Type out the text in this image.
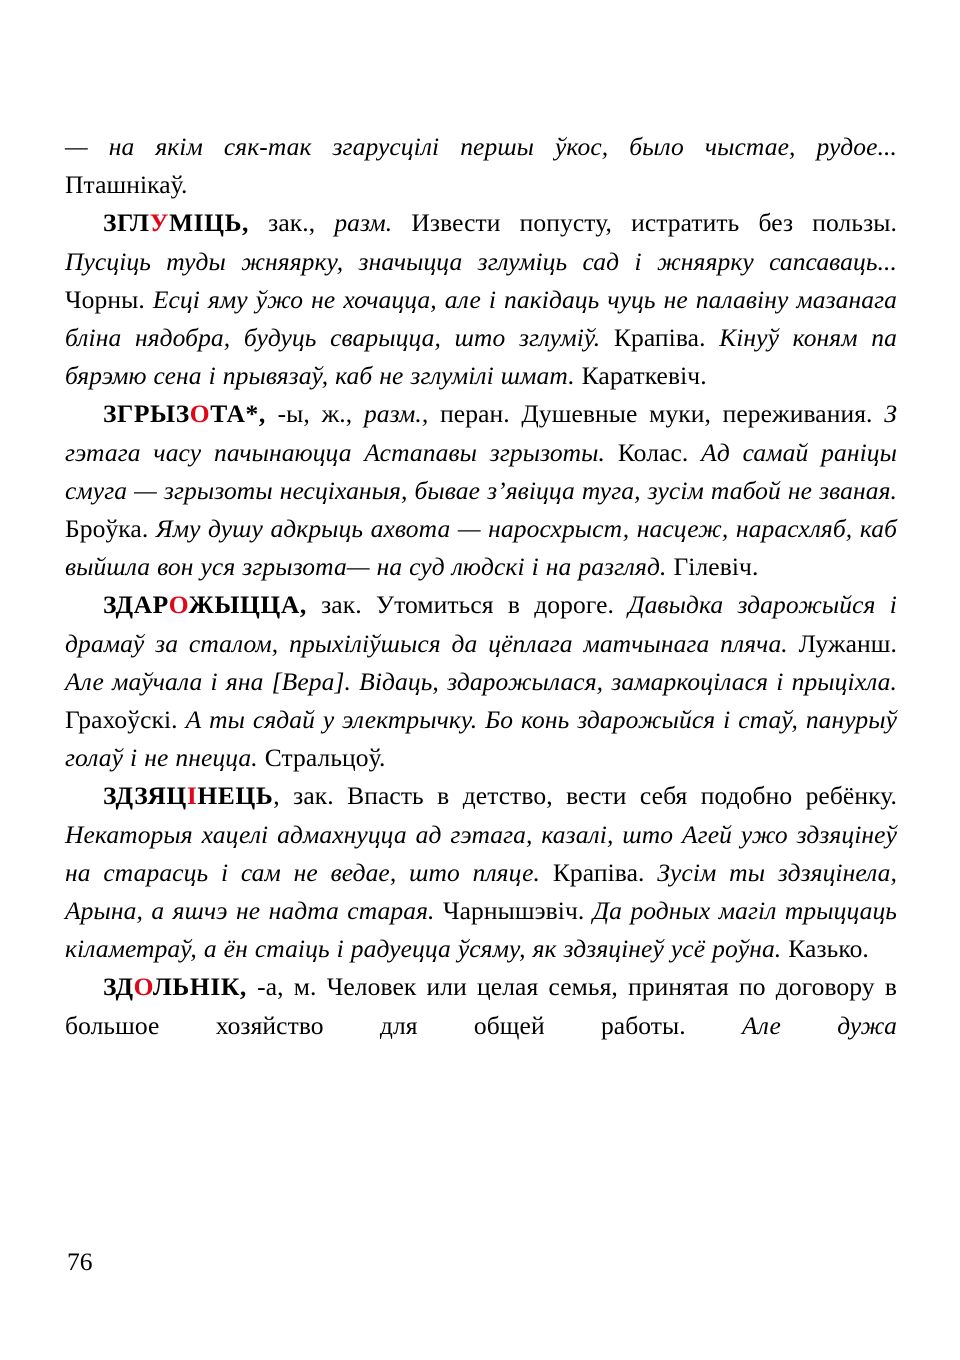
— на якім сяк-так згарусцілі першы ўкос, было чыстае, рудое... Пташнікаў.

ЗГЛУМІЦЬ, зак., разм. Извести попусту, истратить без пользы. Пусціць туды жняярку, значыцца зглуміць сад і жняярку сапсаваць... Чорны. Есці яму ўжо не хочацца, але і пакідаць чуць не палавіну мазанага бліна нядобра, будуць сварыцца, што зглуміў. Крапіва. Кінуў коням па бярэмю сена і прывязаў, каб не зглумілі шмат. Караткевіч.

ЗГРЫЗОТА*, -ы, ж., разм., перан. Душевные муки, переживания. З гэтага часу пачынаюцца Астапавы згрызоты. Колас. Ад самай раніцы смуга — згрызоты несціханыя, бывае з’явіцца туга, зусім табой не званая. Броўка. Яму душу адкрыць ахвота — наросхрыст, насцеж, нарасхляб, каб выйшла вон уся згрызота— на суд людскі і на разгляд. Гілевіч.

ЗДАРОЖЫЦЦА, зак. Утомиться в дороге. Давыдка здарожыйся і драмаў за сталом, прыхіліўшыся да цёплага матчынага пляча. Лужанш. Але маўчала і яна [Вера]. Відаць, здарожылася, замаркоцілася і прыціхла. Грахоўскі. А ты сядай у электрычку. Бо конь здарожыйся і стаў, панурыў голаў і не пнецца. Стральцоў.

ЗДЗЯЦІНЕЦЬ, зак. Впасть в детство, вести себя подобно ребёнку. Некаторыя хацелі адмахнуцца ад гэтага, казалі, што Агей ужо здзяцінеў на старасць і сам не ведае, што пляце. Крапіва. Зусім ты здзяцінела, Арына, а яшчэ не надта старая. Чарнышэвіч. Да родных магіл трыццаць кіламетраў, а ён стаіць і радуецца ўсяму, як здзяцінеў усё роўна. Казько.

ЗДОЛЬНІК, -а, м. Человек или целая семья, принятая по договору в большое хозяйство для общей работы. Але дужа

76
